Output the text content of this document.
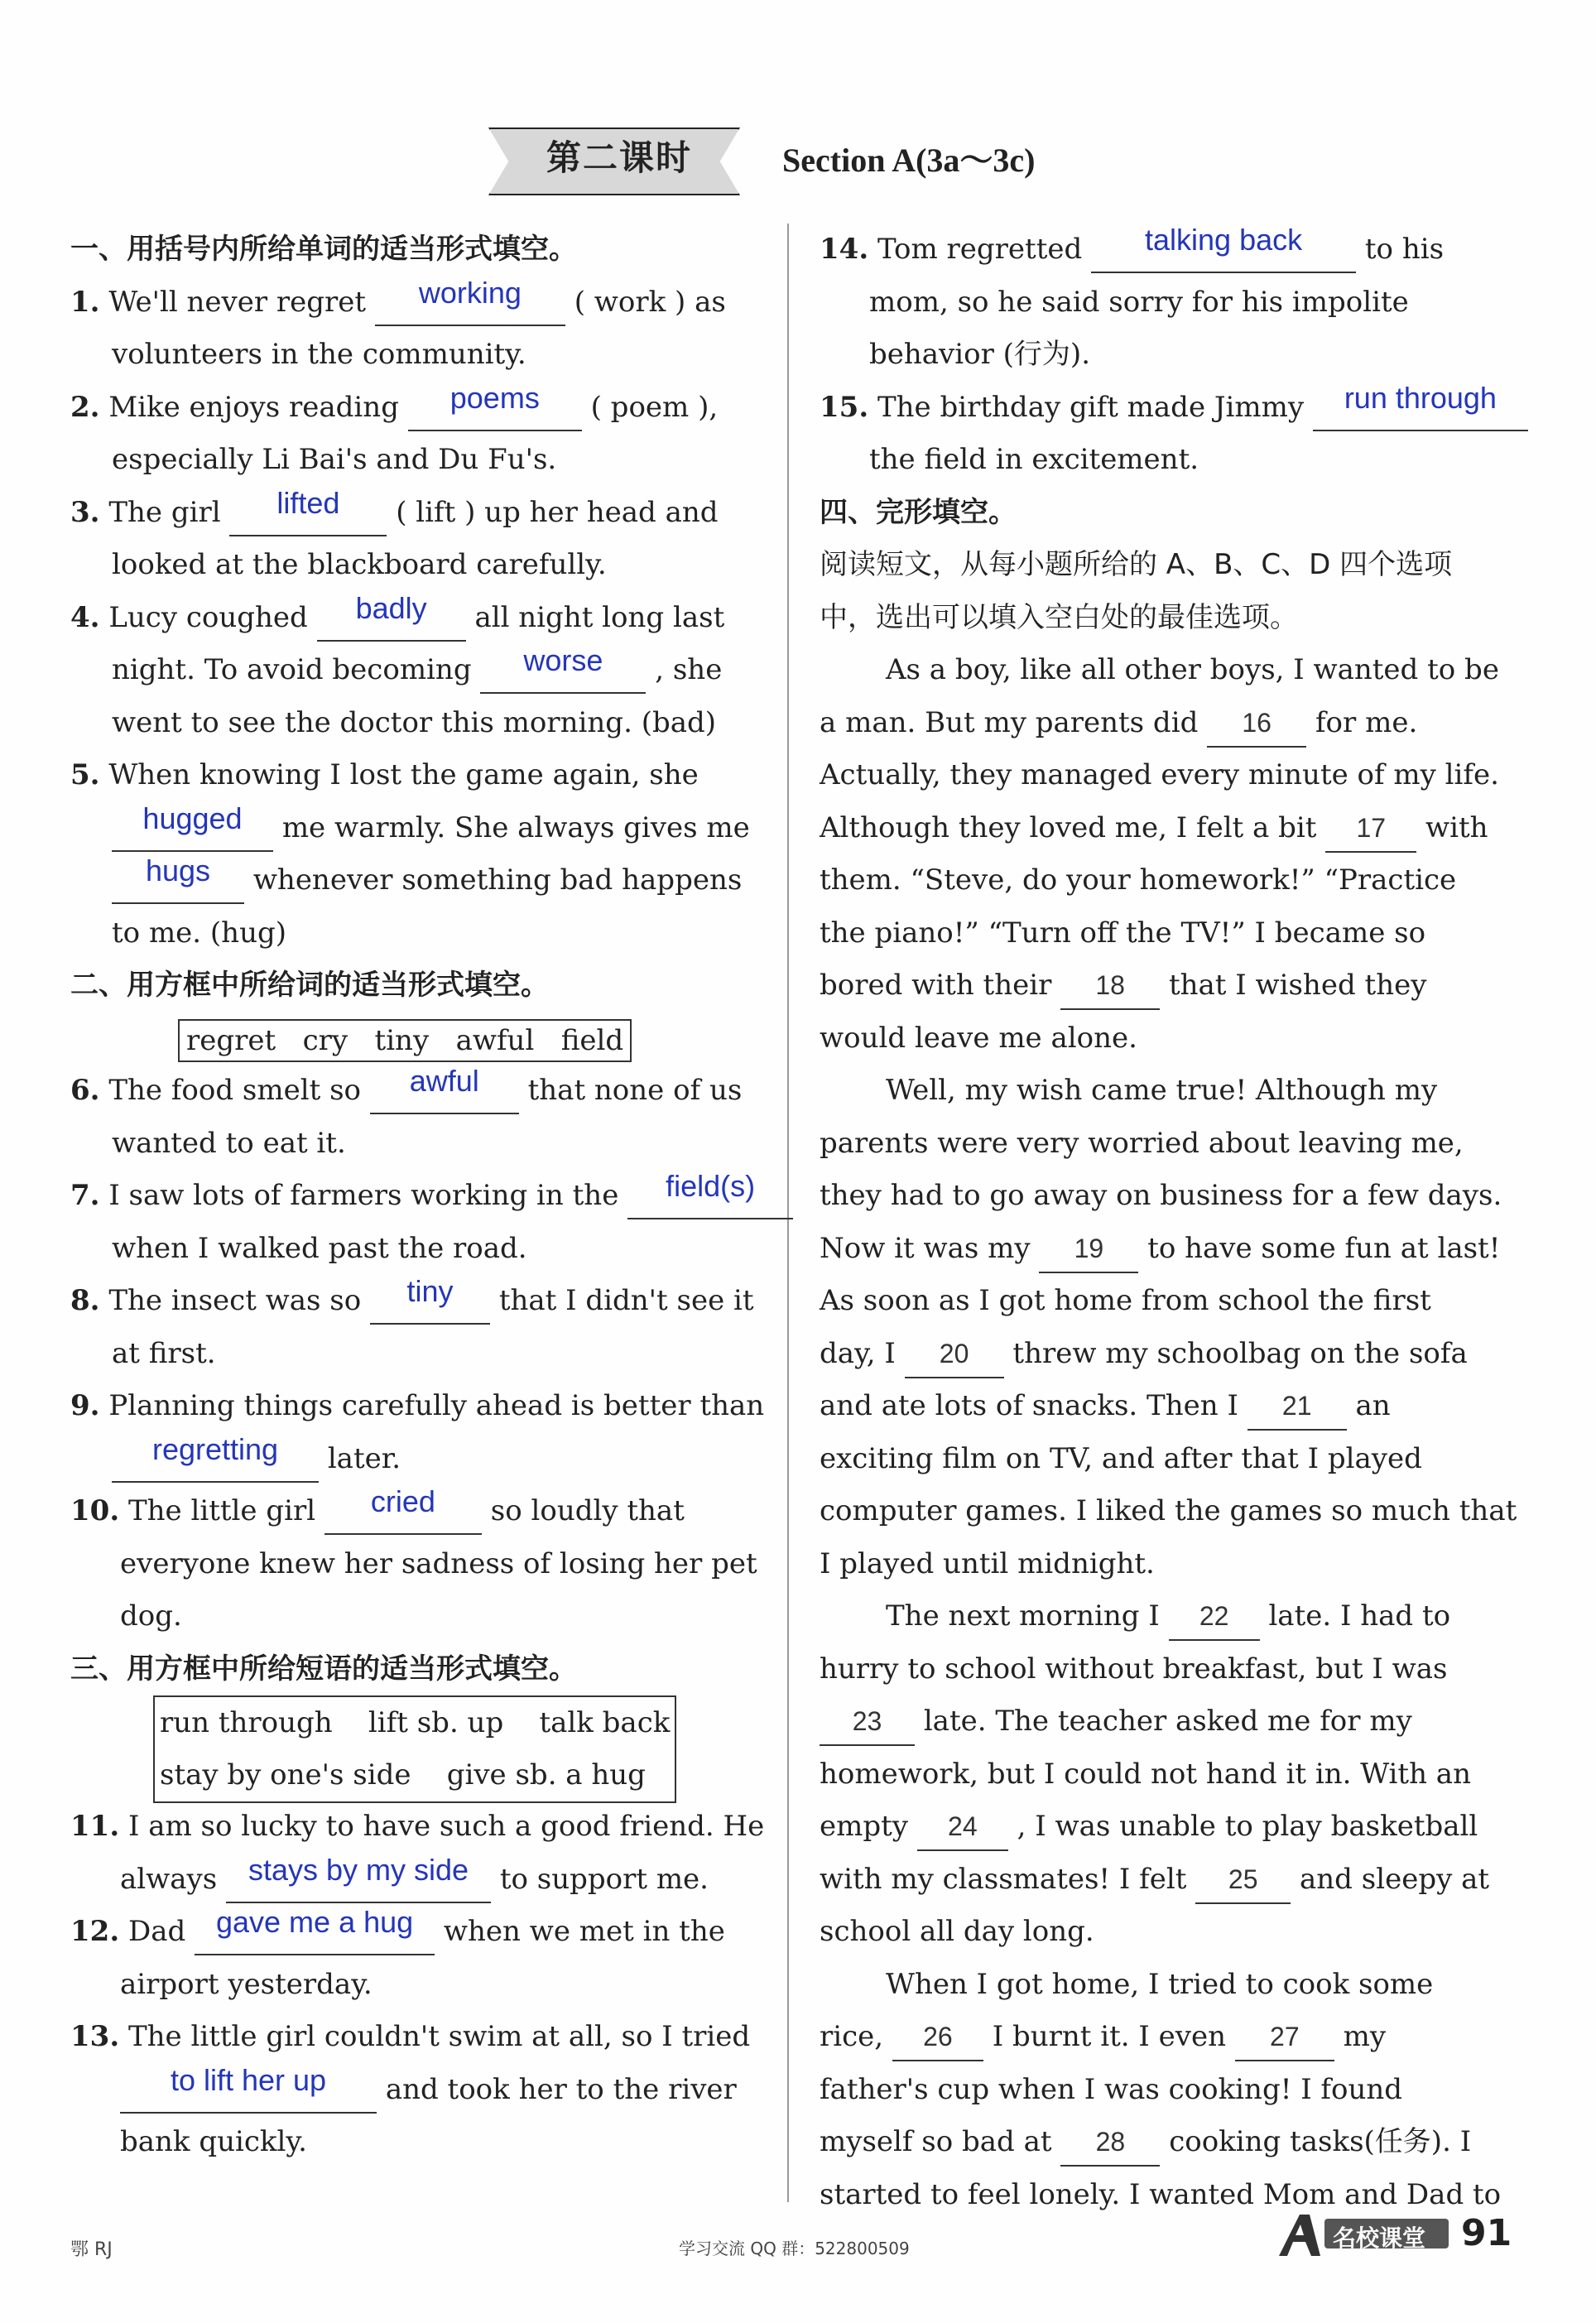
第二课时	Section A(3a～3c)
一、用括号内所给单词的适当形式填空。
1. We'll never regret working ( work ) as
volunteers in the community.
2. Mike enjoys reading poems ( poem ),
especially Li Bai's and Du Fu's.
3. The girl lifted ( lift ) up her head and
looked at the blackboard carefully.
4. Lucy coughed badly all night long last
night. To avoid becoming worse , she
went to see the doctor this morning. (bad)
5. When knowing I lost the game again, she
hugged me warmly. She always gives me
hugs whenever something bad happens
to me. (hug)
二、用方框中所给词的适当形式填空。
regret   cry   tiny   awful   field
6. The food smelt so awful that none of us
wanted to eat it.
7. I saw lots of farmers working in the field(s)
when I walked past the road.
8. The insect was so tiny that I didn't see it
at first.
9. Planning things carefully ahead is better than
regretting later.
10. The little girl cried so loudly that
everyone knew her sadness of losing her pet
dog.
三、用方框中所给短语的适当形式填空。
run through    lift sb. up    talk back
stay by one's side    give sb. a hug
11. I am so lucky to have such a good friend. He
always stays by my side to support me.
12. Dad gave me a hug when we met in the
airport yesterday.
13. The little girl couldn't swim at all, so I tried
to lift her up and took her to the river
bank quickly.
14. Tom regretted talking back to his
mom, so he said sorry for his impolite
behavior (行为).
15. The birthday gift made Jimmy run through
the field in excitement.
四、完形填空。
阅读短文，从每小题所给的 A、B、C、D 四个选项
中，选出可以填入空白处的最佳选项。
As a boy, like all other boys, I wanted to be
a man. But my parents did 16 for me.
Actually, they managed every minute of my life.
Although they loved me, I felt a bit 17 with
them. “Steve, do your homework!” “Practice
the piano!” “Turn off the TV!” I became so
bored with their 18 that I wished they
would leave me alone.
Well, my wish came true! Although my
parents were very worried about leaving me,
they had to go away on business for a few days.
Now it was my 19 to have some fun at last!
As soon as I got home from school the first
day, I 20 threw my schoolbag on the sofa
and ate lots of snacks. Then I 21 an
exciting film on TV, and after that I played
computer games. I liked the games so much that
I played until midnight.
The next morning I 22 late. I had to
hurry to school without breakfast, but I was
23 late. The teacher asked me for my
homework, but I could not hand it in. With an
empty 24 , I was unable to play basketball
with my classmates! I felt 25 and sleepy at
school all day long.
When I got home, I tried to cook some
rice, 26 I burnt it. I even 27 my
father's cup when I was cooking! I found
myself so bad at 28 cooking tasks(任务). I
started to feel lonely. I wanted Mom and Dad to
鄂 RJ	学习交流 QQ 群：522800509	名校课堂 91
